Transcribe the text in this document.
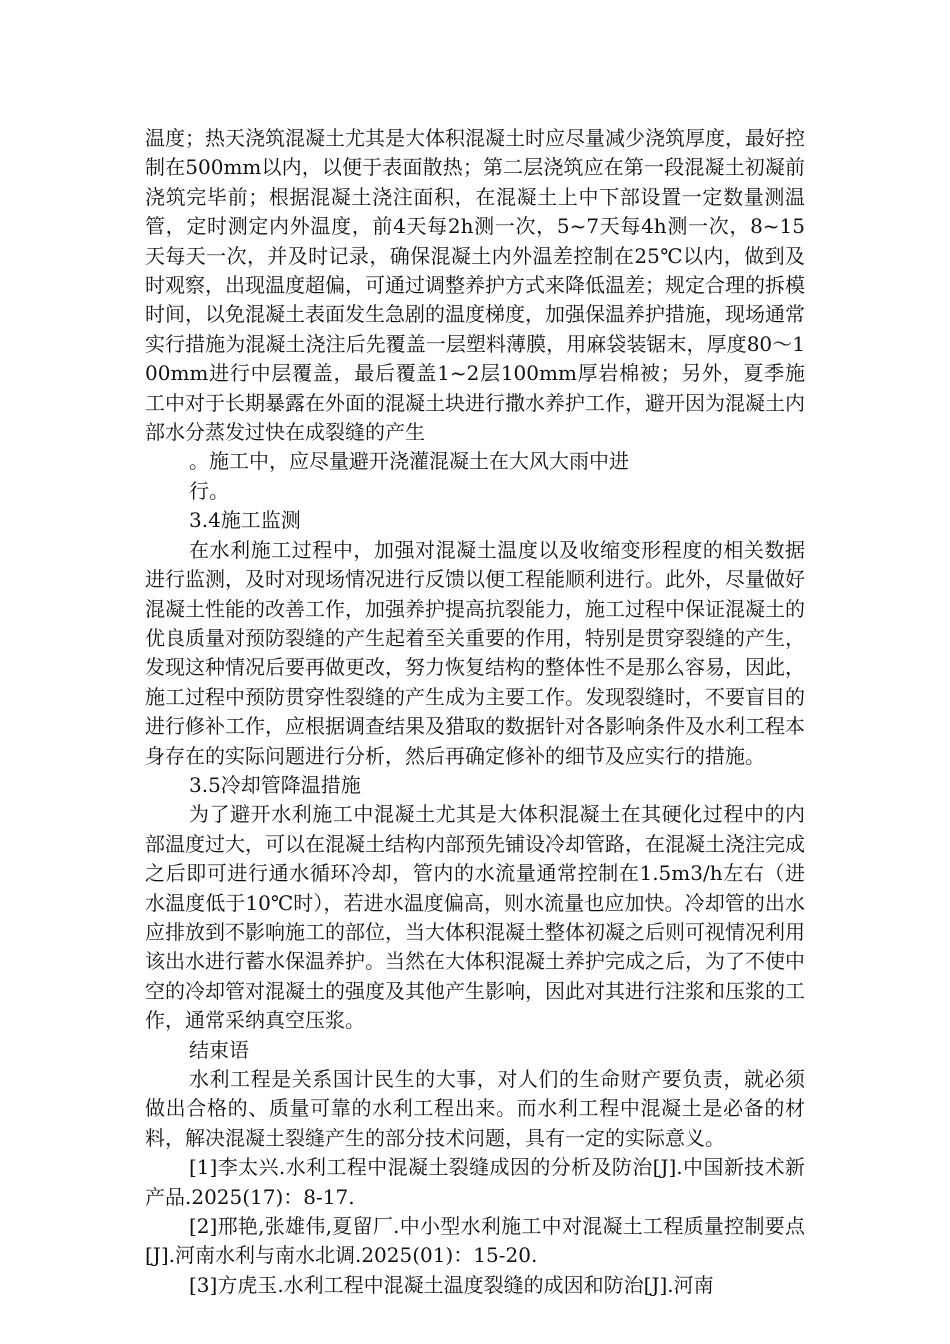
温度；热天浇筑混凝土尤其是大体积混凝土时应尽量减少浇筑厚度，最好控制在500mm以内，以便于表面散热；第二层浇筑应在第一段混凝土初凝前浇筑完毕前；根据混凝土浇注面积，在混凝土上中下部设置一定数量测温管，定时测定内外温度，前4天每2h测一次，5~7天每4h测一次，8~15天每天一次，并及时记录，确保混凝土内外温差控制在25℃以内，做到及时观察，出现温度超偏，可通过调整养护方式来降低温差；规定合理的拆模时间，以免混凝土表面发生急剧的温度梯度，加强保温养护措施，现场通常实行措施为混凝土浇注后先覆盖一层塑料薄膜，用麻袋装锯末，厚度80～100mm进行中层覆盖，最后覆盖1~2层100mm厚岩棉被；另外，夏季施工中对于长期暴露在外面的混凝土块进行撒水养护工作，避开因为混凝土内部水分蒸发过快在成裂缝的产生

。施工中，应尽量避开浇灌混凝土在大风大雨中进

行。

3.4施工监测

在水利施工过程中，加强对混凝土温度以及收缩变形程度的相关数据进行监测，及时对现场情况进行反馈以便工程能顺利进行。此外，尽量做好混凝土性能的改善工作，加强养护提高抗裂能力，施工过程中保证混凝土的优良质量对预防裂缝的产生起着至关重要的作用，特别是贯穿裂缝的产生，发现这种情况后要再做更改，努力恢复结构的整体性不是那么容易，因此，施工过程中预防贯穿性裂缝的产生成为主要工作。发现裂缝时，不要盲目的进行修补工作，应根据调查结果及猎取的数据针对各影响条件及水利工程本身存在的实际问题进行分析，然后再确定修补的细节及应实行的措施。

3.5冷却管降温措施

为了避开水利施工中混凝土尤其是大体积混凝土在其硬化过程中的内部温度过大，可以在混凝土结构内部预先铺设冷却管路，在混凝土浇注完成之后即可进行通水循环冷却，管内的水流量通常控制在1.5m3/h左右（进水温度低于10℃时），若进水温度偏高，则水流量也应加快。冷却管的出水应排放到不影响施工的部位，当大体积混凝土整体初凝之后则可视情况利用该出水进行蓄水保温养护。当然在大体积混凝土养护完成之后，为了不使中空的冷却管对混凝土的强度及其他产生影响，因此对其进行注浆和压浆的工作，通常采纳真空压浆。

结束语

水利工程是关系国计民生的大事，对人们的生命财产要负责，就必须做出合格的、质量可靠的水利工程出来。而水利工程中混凝土是必备的材料，解决混凝土裂缝产生的部分技术问题，具有一定的实际意义。

[1]李太兴.水利工程中混凝土裂缝成因的分析及防治[J].中国新技术新产品.2025(17)：8-17.

[2]邢艳,张雄伟,夏留厂.中小型水利施工中对混凝土工程质量控制要点[J].河南水利与南水北调.2025(01)：15-20.

[3]方虎玉.水利工程中混凝土温度裂缝的成因和防治[J].河南
